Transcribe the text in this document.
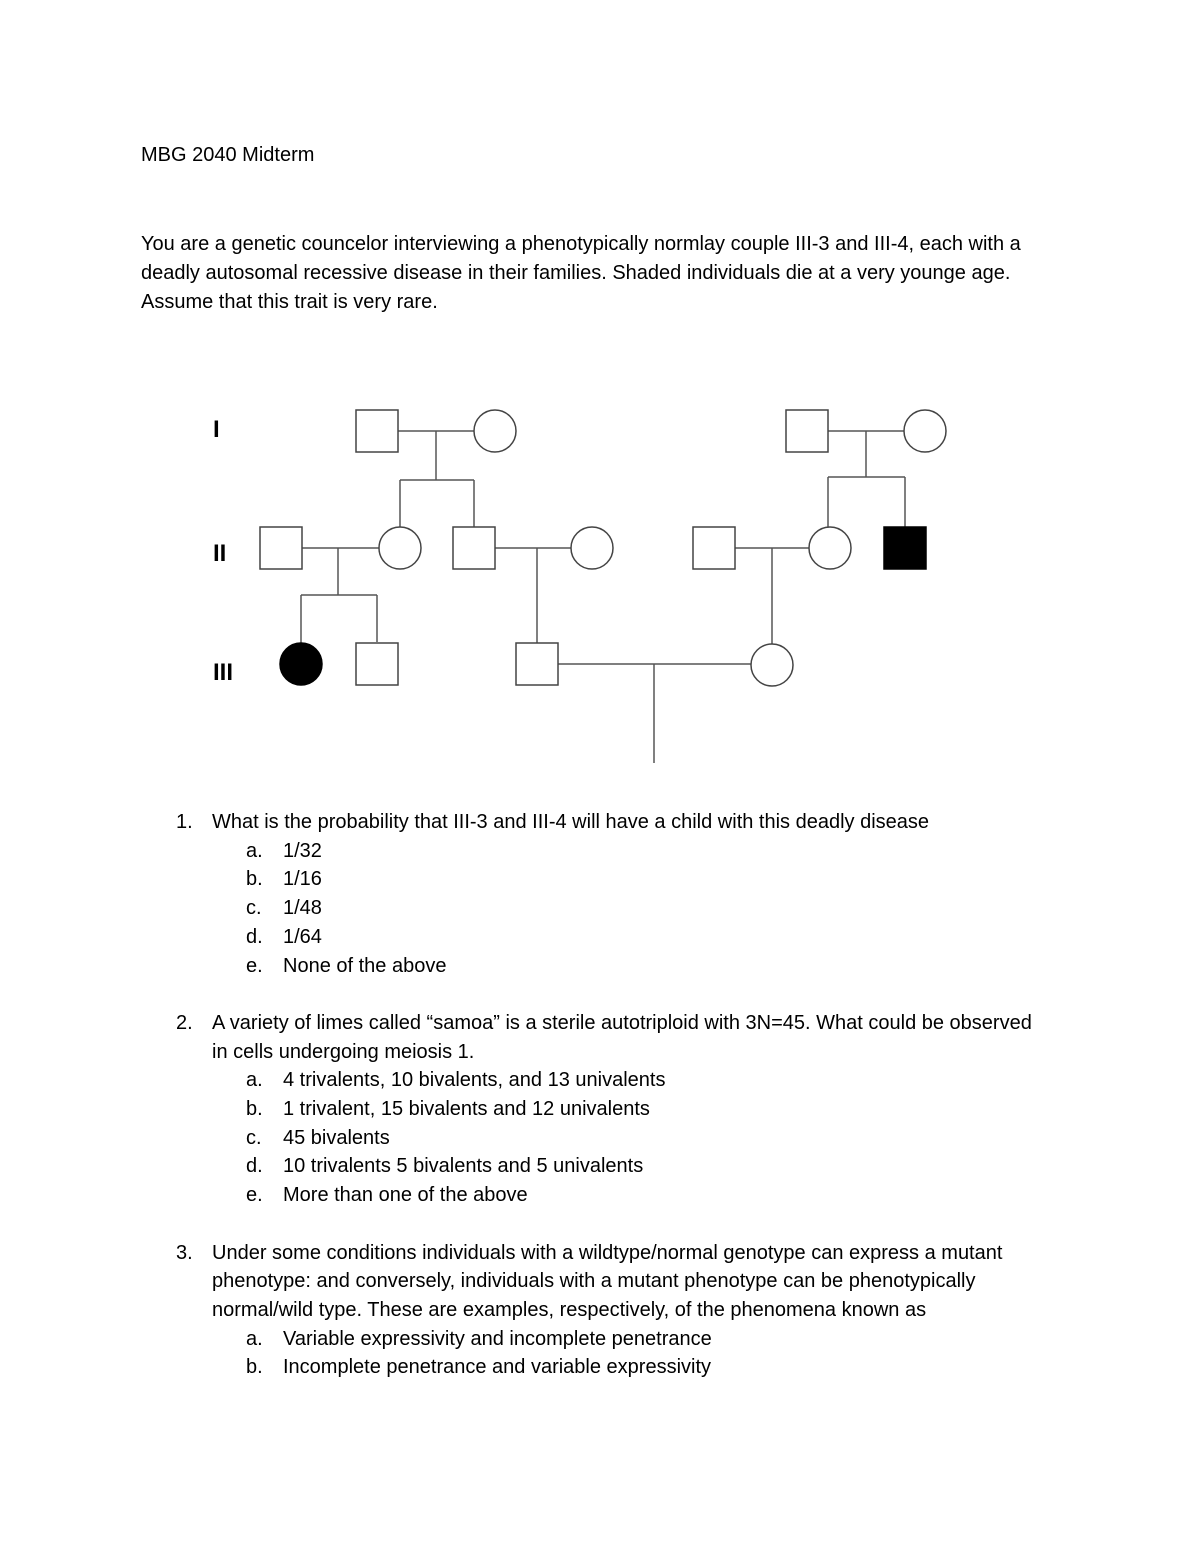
MBG 2040 Midterm

You are a genetic councelor interviewing a phenotypically normlay couple III-3 and III-4, each with a deadly autosomal recessive disease in their families. Shaded individuals die at a very younge age. Assume that this trait is very rare.

I
II
III
1. What is the probability that III-3 and III-4 will have a child with this deadly disease
a. 1/32
b. 1/16
c. 1/48
d. 1/64
e. None of the above
2. A variety of limes called “samoa” is a sterile autotriploid with 3N=45. What could be observed in cells undergoing meiosis 1.
a. 4 trivalents, 10 bivalents, and 13 univalents
b. 1 trivalent, 15 bivalents and 12 univalents
c. 45 bivalents
d. 10 trivalents 5 bivalents and 5 univalents
e. More than one of the above
3. Under some conditions individuals with a wildtype/normal genotype can express a mutant phenotype: and conversely, individuals with a mutant phenotype can be phenotypically normal/wild type. These are examples, respectively, of the phenomena known as
a. Variable expressivity and incomplete penetrance
b. Incomplete penetrance and variable expressivity
